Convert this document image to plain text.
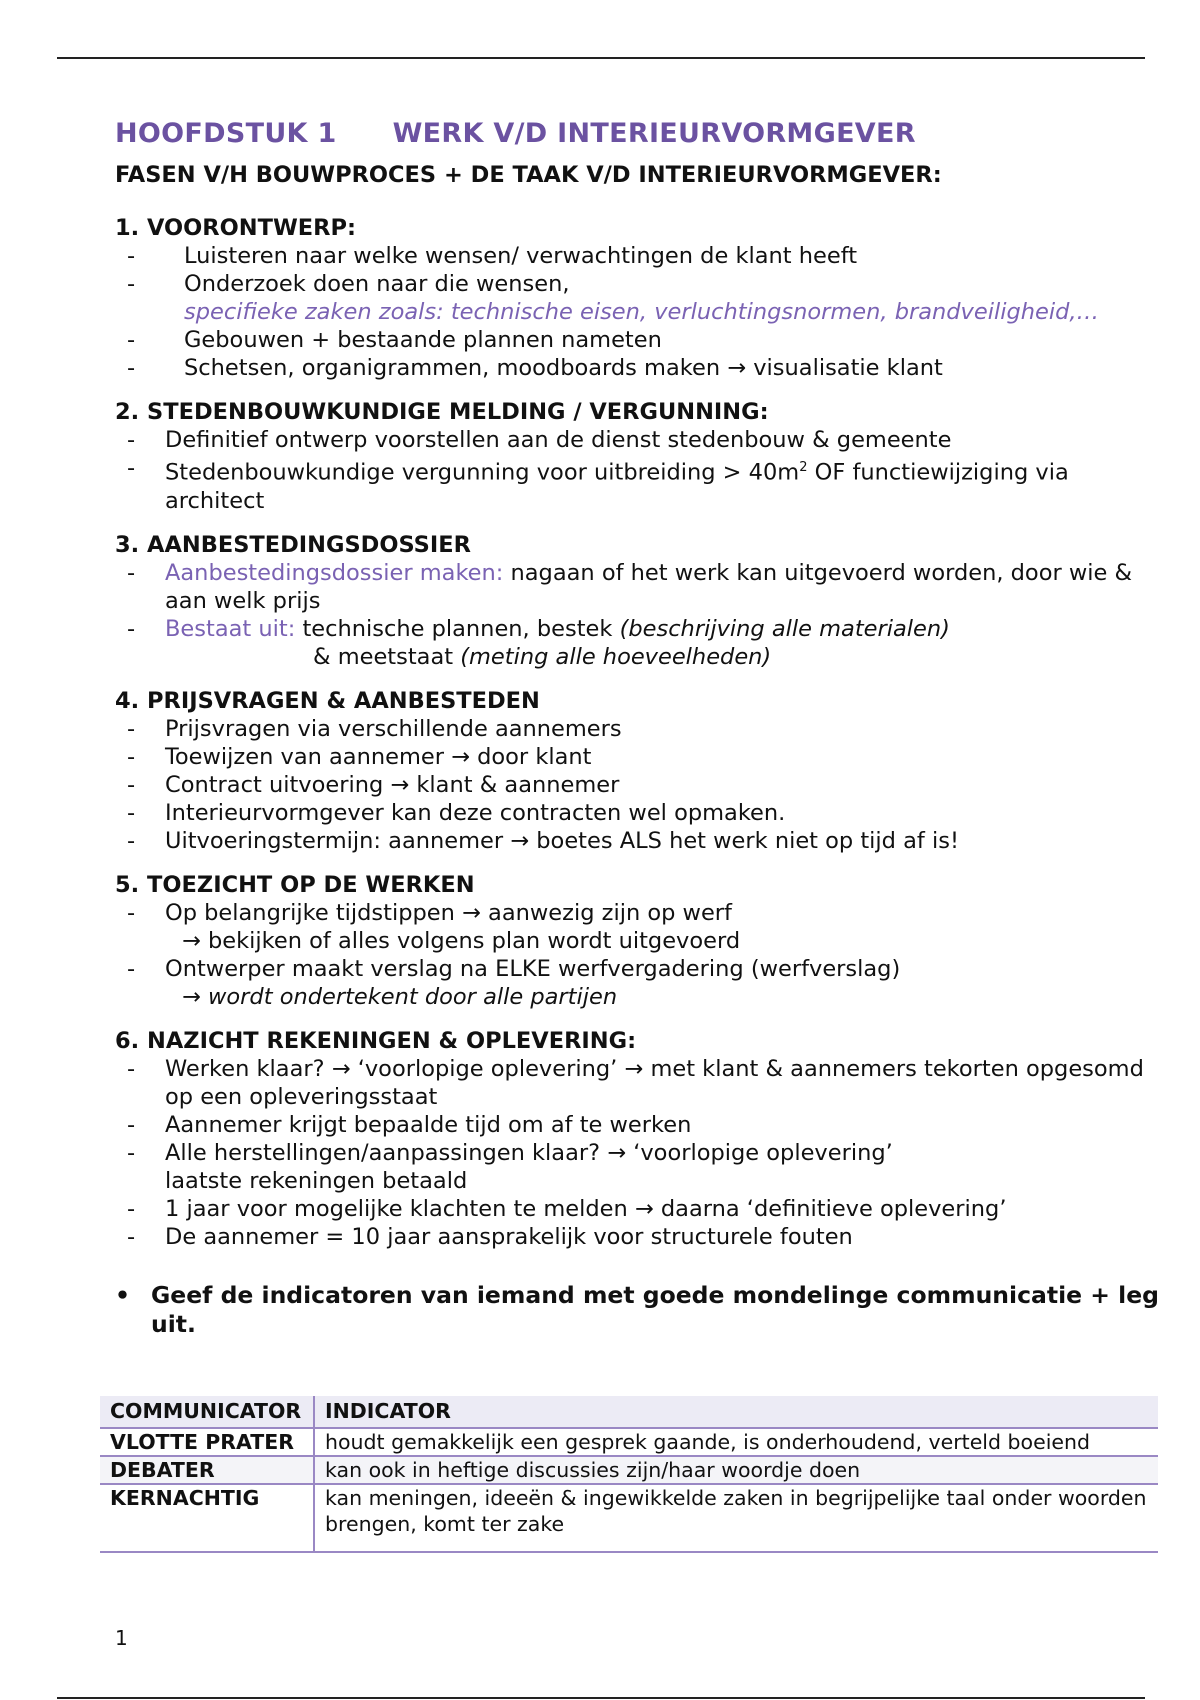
HOOFDSTUK 1 WERK V/D INTERIEURVORMGEVER
FASEN V/H BOUWPROCES + DE TAAK V/D INTERIEURVORMGEVER:
1. VOORONTWERP:
- Luisteren naar welke wensen/ verwachtingen de klant heeft
- Onderzoek doen naar die wensen,
specifieke zaken zoals: technische eisen, verluchtingsnormen, brandveiligheid,…
- Gebouwen + bestaande plannen nameten
- Schetsen, organigrammen, moodboards maken → visualisatie klant
2. STEDENBOUWKUNDIGE MELDING / VERGUNNING:
- Definitief ontwerp voorstellen aan de dienst stedenbouw & gemeente
- Stedenbouwkundige vergunning voor uitbreiding > $40m^2$ OF functiewijziging via architect
3. AANBESTEDINGSDOSSIER
- Aanbestedingsdossier maken: nagaan of het werk kan uitgevoerd worden, door wie & aan welk prijs
- Bestaat uit: technische plannen, bestek (beschrijving alle materialen)
& meetstaat (meting alle hoeveelheden)
4. PRIJSVRAGEN & AANBESTEDEN
- Prijsvragen via verschillende aannemers
- Toewijzen van aannemer → door klant
- Contract uitvoering → klant & aannemer
- Interieurvormgever kan deze contracten wel opmaken.
- Uitvoeringstermijn: aannemer → boetes ALS het werk niet op tijd af is!
5. TOEZICHT OP DE WERKEN
- Op belangrijke tijdstippen → aanwezig zijn op werf
→ bekijken of alles volgens plan wordt uitgevoerd
- Ontwerper maakt verslag na ELKE werfvergadering (werfverslag)
→ wordt ondertekent door alle partijen
6. NAZICHT REKENINGEN & OPLEVERING:
- Werken klaar? → ‘voorlopige oplevering’ → met klant & aannemers tekorten opgesomd op een opleveringsstaat
- Aannemer krijgt bepaalde tijd om af te werken
- Alle herstellingen/aanpassingen klaar? → ‘voorlopige oplevering’
laatste rekeningen betaald
- 1 jaar voor mogelijke klachten te melden → daarna ‘definitieve oplevering’
- De aannemer = 10 jaar aansprakelijk voor structurele fouten
• Geef de indicatoren van iemand met goede mondelinge communicatie + leg uit.
COMMUNICATOR	INDICATOR
VLOTTE PRATER	houdt gemakkelijk een gesprek gaande, is onderhoudend, verteld boeiend
DEBATER	kan ook in heftige discussies zijn/haar woordje doen
KERNACHTIG	kan meningen, ideeën & ingewikkelde zaken in begrijpelijke taal onder woorden brengen, komt ter zake
1
